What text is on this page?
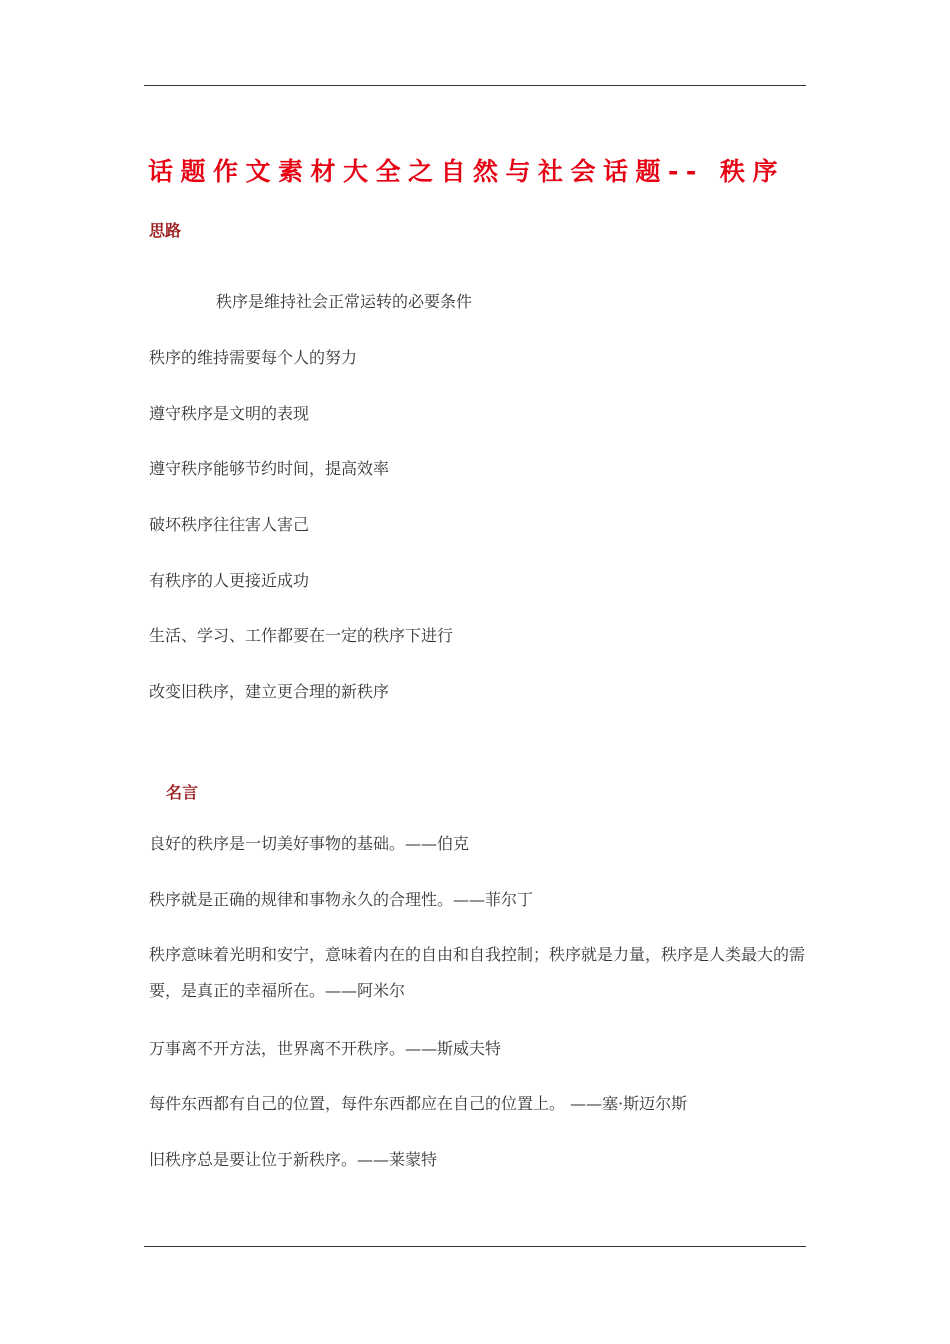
话题作文素材大全之自然与社会话题-- 秩序
思路
秩序是维持社会正常运转的必要条件
秩序的维持需要每个人的努力
遵守秩序是文明的表现
遵守秩序能够节约时间，提高效率
破坏秩序往往害人害己
有秩序的人更接近成功
生活、学习、工作都要在一定的秩序下进行
改变旧秩序，建立更合理的新秩序
名言
良好的秩序是一切美好事物的基础。——伯克
秩序就是正确的规律和事物永久的合理性。——菲尔丁
秩序意味着光明和安宁，意味着内在的自由和自我控制；秩序就是力量，秩序是人类最大的需要，是真正的幸福所在。——阿米尔
万事离不开方法，世界离不开秩序。——斯威夫特
每件东西都有自己的位置，每件东西都应在自己的位置上。 ——塞·斯迈尔斯
旧秩序总是要让位于新秩序。——莱蒙特
